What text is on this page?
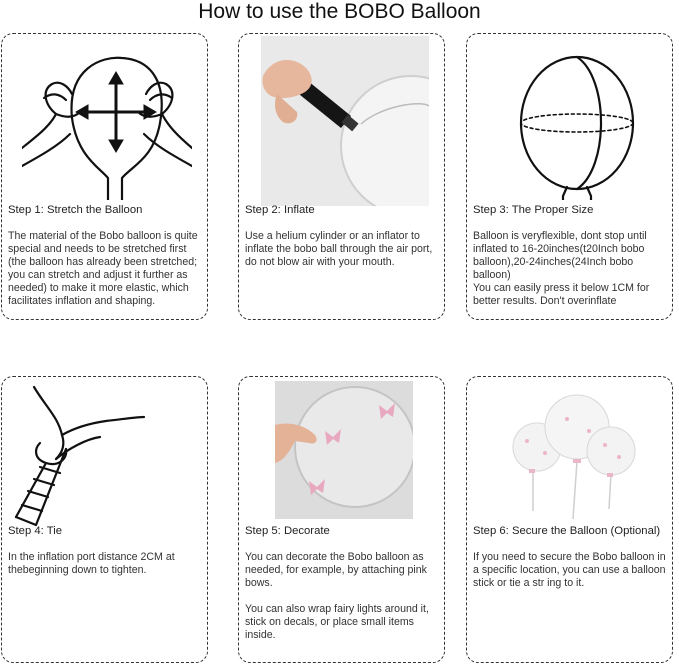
How to use the BOBO Balloon
Step 1: Stretch the Balloon

The material of the Bobo balloon is quite special and needs to be stretched first (the balloon has already been stretched; you can stretch and adjust it further as needed) to make it more elastic, which facilitates inflation and shaping.

Step 2: Inflate

Use a helium cylinder or an inflator to inflate the bobo ball through the air port, do not blow air with your mouth.

Step 3: The Proper Size

Balloon is veryflexible, dont stop until inflated to 16-20inches(t20Inch bobo balloon),20-24inches(24Inch bobo balloon)

You can easily press it below 1CM for better results. Don't overinflate

Step 4: Tie

In the inflation port distance 2CM at thebeginning down to tighten.

Step 5: Decorate

You can decorate the Bobo balloon as needed, for example, by attaching pink bows.

You can also wrap fairy lights around it, stick on decals, or place small items inside.

Step 6: Secure the Balloon (Optional)

If you need to secure the Bobo balloon in a specific location, you can use a balloon stick or tie a str ing to it.
